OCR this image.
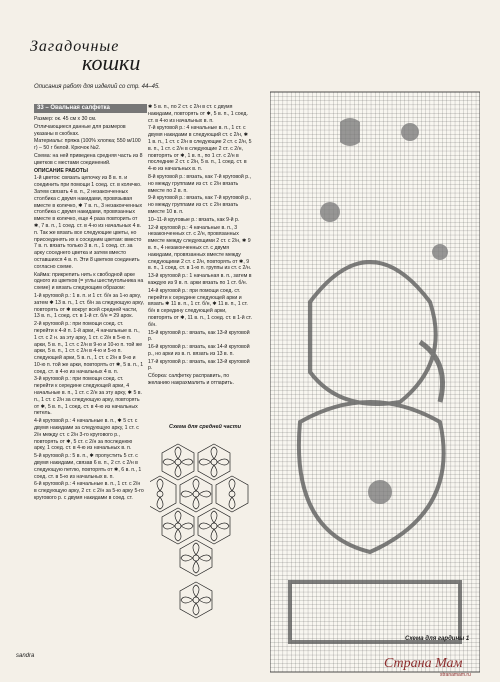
Загадочные
кошки
Описания работ для изделий со стр. 44–45.
33 – Овальная салфетка

Размер: ок. 45 см х 30 см.

Отличающиеся данные для размеров указаны в скобках.

Материалы: пряжа (100% хлопка; 550 м/100 г) – 50 г белой. Крючок №2.

Схема: на ней приведена средняя часть из 8 цветков с местами соединений.

ОПИСАНИЕ РАБОТЫ

1-й цветок: связать цепочку из 8 в. п. и соединить при помощи 1 соед. ст. в колечко. Затем связать 4 в. п., 2 незаконченных столбика с двумя накидами, провязывая вместе в колечко, ✱ 7 в. п., 3 незаконченных столбика с двумя накидами, провязанных вместе в колечко, еще 4 раза повторить от ✱, 7 в. п., 1 соед. ст. в 4-ю из начальных 4 в. п. Так же вязать все следующие цветы, но присоединять их к соседним цветам: вместо 7 в. п. вязать только 3 в. п., 1 соед. ст. за арку соседнего цветка и затем вместо оставшихся 4 в. п. Эти 8 цветков соединить согласно схеме.

Кайма: прикрепить нить к свободной арке одного из цветков (= углы шестиугольника на схеме) и вязать следующим образом:

1-й круговой р.: 1 в. п. и 1 ст. б/н за 1-ю арку, затем ✱ 13 в. п., 1 ст. б/н за следующую арку, повторять от ✱ вокруг всей средней части, 13 в. п., 1 соед. ст. в 1-й ст. б/н = 29 арок.

2-й круговой р.: при помощи соед. ст. перейти к 4-й п. 1-й арки, 4 начальные в. п., 1 ст. с 2 н. за эту арку, 1 ст. с 2/н в 5-ю п. арки, 5 в. п., 1 ст. с 2/н в 9-ю и 10-ю п. той же арки, 5 в. п., 1 ст. с 2/н в 4-ю и 5-ю п. следующей арки, 5 в. п., 1 ст. с 2/н в 9-ю и 10-ю п. той же арки, повторять от ✱, 5 в. п., 1 соед. ст. в 4-ю из начальных 4 в. п.

3-й круговой р.: при помощи соед. ст. перейти к середине следующей арки, 4 начальные в. п., 1 ст. с 2/н за эту арку, ✱ 5 в. п., 1 ст. с 2/н за следующую арку, повторять от ✱, 5 в. п., 1 соед. ст. в 4-ю из начальных петель.

4-й круговой р.: 4 начальные в. п., ✱ 5 ст. с двумя накидами за следующую арку, 1 ст. с 2/н между ст. с 2/н 3-го кругового р., повторять от ✱, 5 ст. с 2/н за последнюю арку, 1 соед. ст. в 4-ю из начальных в. п.

5-й круговой р.: 5 в. п., ✱ пропустить 5 ст. с двумя накидами, связав 6 в. п., 2 ст. с 2/н в следующую петлю, повторять от ✱, 6 в. п., 1 соед. ст. в 5-ю из начальных в. п.

6-й круговой р.: 4 начальные в. п., 1 ст. с 2/н в следующую арку, 2 ст. с 2/н за 5-ю арку 5-го кругового р. с двумя накидами в соед. ст.

✱ 5 в. п., по 2 ст. с 2/н в ст. с двумя накидами, повторять от ✱, 5 в. п., 1 соед. ст. в 4-ю из начальных в. п.

7-й круговой р.: 4 начальные в. п., 1 ст. с двумя накидами в следующий ст. с 2/н, ✱ 1 в. п., 1 ст. с 2/н в следующие 2 ст. с 2/н, 5 в. п., 1 ст. с 2/н в следующие 2 ст. с 2/н, повторять от ✱, 1 в. п., по 1 ст. с 2/н в последние 2 ст. с 2/н, 5 в. п., 1 соед. ст. в 4-ю из начальных в. п.

8-й круговой р.: вязать, как 7-й круговой р., но между группами из ст. с 2/н вязать вместе по 2 в. п.

9-й круговой р.: вязать, как 7-й круговой р., но между группами из ст. с 2/н вязать вместе 10 в. п.

10–11-й круговые р.: вязать, как 9-й р.

12-й круговой р.: 4 начальные в. п., 3 незаконченных ст. с 2/н, провязанных вместе между следующими 2 ст. с 2/н, ✱ 9 в. п., 4 незаконченных ст. с двумя накидами, провязанных вместе между следующими 2 ст. с 2/н, повторять от ✱, 9 в. п., 1 соед. ст. в 1-ю п. группы из ст. с 2/н.

13-й круговой р.: 1 начальная в. п., затем в каждую из 9 в. п. арки вязать по 1 ст. б/н.

14-й круговой р.: при помощи соед. ст. перейти к середине следующей арки и вязать ✱ 11 в. п., 1 ст. б/н, ✱ 11 в. п., 1 ст. б/н в середину следующей арки, повторять от ✱, 11 в. п., 1 соед. ст. в 1-й ст. б/н.

15-й круговой р.: вязать, как 13-й круговой р.

16-й круговой р.: вязать, как 14-й круговой р., но арки из в. п. вязать из 13 в. п.

17-й круговой р.: вязать, как 13-й круговой р.

Сборка: салфетку расправить, по желанию накрахмалить и отпарить.

Схема для средней части
Схема для гардины 1
sandra	Страна Мам
stranamam.ru
